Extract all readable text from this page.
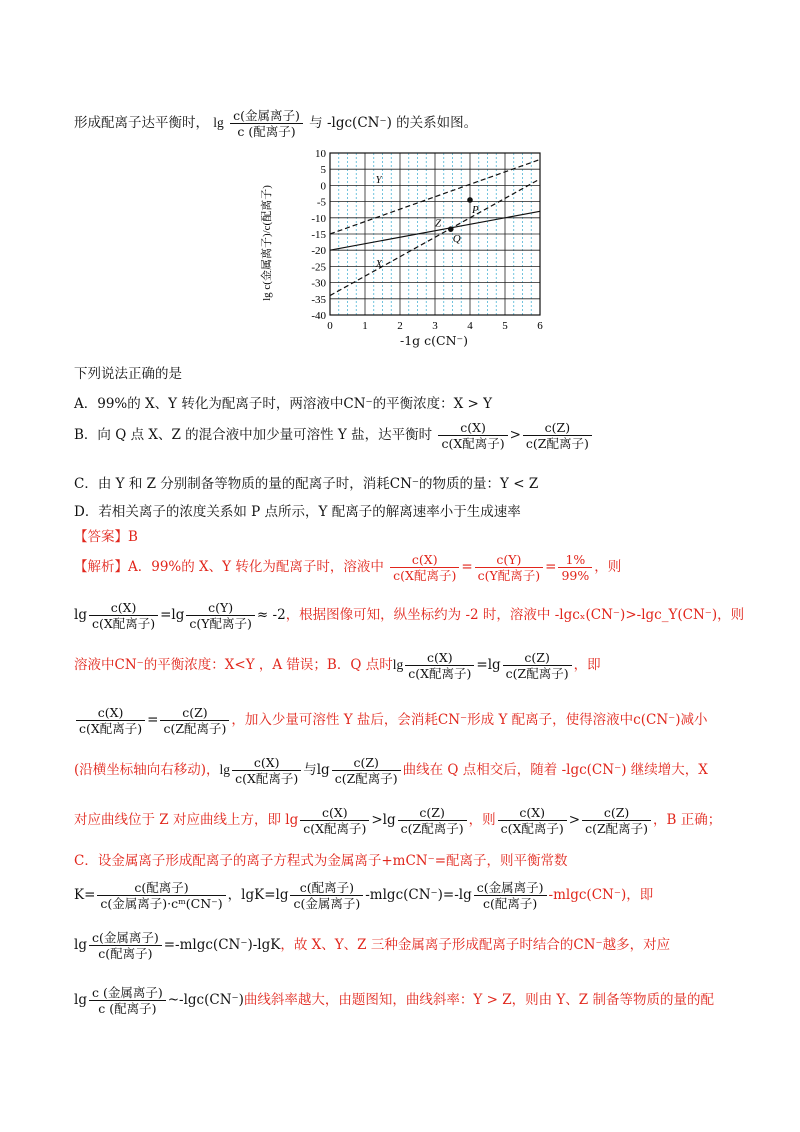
形成配离子达平衡时， $\lg \frac{\text{c(金属离子)}}{\text{c (配离子)}}$ 与 -lgc(CN⁻) 的关系如图。
10
5
0
-5
-10
-15
-20
-25
-30
-35
-40
0	1	2	3	4	5	6
Y
X
Z
P
Q
lg c(金属离子)/c(配离子)
-1g c(CN⁻)
下列说法正确的是
A．99%的 X、Y 转化为配离子时，两溶液中CN⁻的平衡浓度：X > Y
B．向 Q 点 X、Z 的混合液中加少量可溶性 Y 盐，达平衡时 $\frac{c(X)}{\text{c(X配离子)}} > \frac{c(Z)}{\text{c(Z配离子)}}$
C．由 Y 和 Z 分别制备等物质的量的配离子时，消耗CN⁻的物质的量：Y < Z
D．若相关离子的浓度关系如 P 点所示，Y 配离子的解离速率小于生成速率
【答案】B
【解析】A．99%的 X、Y 转化为配离子时，溶液中 $\frac{c(X)}{\text{c(X配离子)}} = \frac{c(Y)}{\text{c(Y配离子)}} = \frac{1\%}{99\%}$ ，则
$\lg \frac{c(X)}{\text{c(X配离子)}} =\lg \frac{c(Y)}{\text{c(Y配离子)}} \approx -2$，根据图像可知，纵坐标约为 -2 时，溶液中 -lgcₓ(CN⁻)>-lgc_Y(CN⁻)，则
溶液中CN⁻的平衡浓度：X<Y ，A 错误；B．Q 点时$\lg \frac{c(X)}{\text{c(X配离子)}} =\lg \frac{c(Z)}{\text{c(Z配离子)}}$ ，即
$\frac{c(X)}{\text{c(X配离子)}} = \frac{c(Z)}{\text{c(Z配离子)}}$ ，加入少量可溶性 Y 盐后，会消耗CN⁻形成 Y 配离子，使得溶液中c(CN⁻)减小
(沿横坐标轴向右移动)，$\lg \frac{c(X)}{\text{c(X配离子)}}$ 与$\lg \frac{c(Z)}{\text{c(Z配离子)}}$ 曲线在 Q 点相交后，随着 -lgc(CN⁻) 继续增大，X
对应曲线位于 Z 对应曲线上方，即 $\lg \frac{c(X)}{\text{c(X配离子)}} >\lg \frac{c(Z)}{\text{c(Z配离子)}}$ ，则 $\frac{c(X)}{\text{c(X配离子)}} > \frac{c(Z)}{\text{c(Z配离子)}}$ ，B 正确；
C．设金属离子形成配离子的离子方程式为金属离子+mCN⁻=配离子，则平衡常数
$K= \frac{\text{c(配离子)}}{\text{c(金属离子)·cᵐ(CN⁻)}}$ ，$\lg K=\lg \frac{\text{c(配离子)}}{\text{c(金属离子)}} -mlgc(CN^-)=-\lg \frac{\text{c(金属离子)}}{\text{c(配离子)}} -mlgc(CN^-)$，即
$\lg \frac{\text{c(金属离子)}}{\text{c(配离子)}} =-mlgc(CN^-)-\lg K$，故 X、Y、Z 三种金属离子形成配离子时结合的CN⁻越多，对应
$\lg \frac{\text{c (金属离子)}}{\text{c (配离子)}}$ ~-lgc(CN⁻)曲线斜率越大，由题图知，曲线斜率：Y > Z，则由 Y、Z 制备等物质的量的配
